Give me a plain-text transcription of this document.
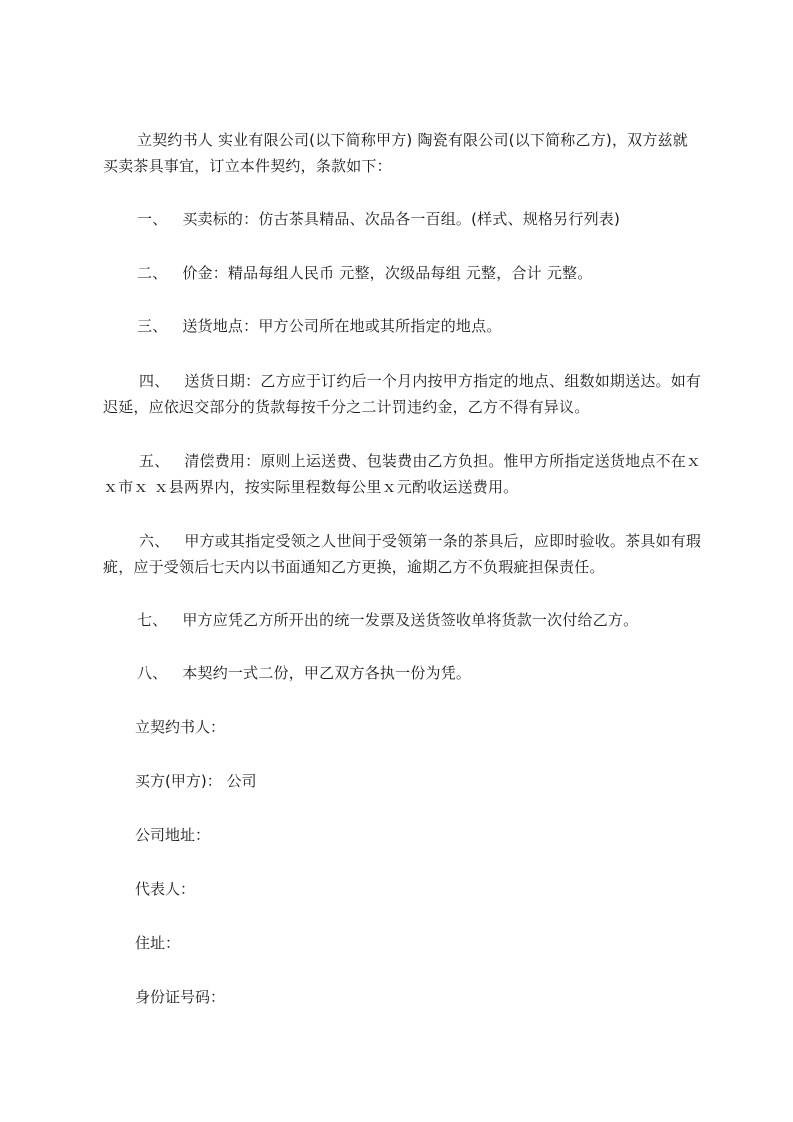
立契约书人 实业有限公司(以下简称甲方) 陶瓷有限公司(以下简称乙方)，双方兹就买卖茶具事宜，订立本件契约，条款如下：
一、 买卖标的：仿古茶具精品、次品各一百组。(样式、规格另行列表)
二、 价金：精品每组人民币 元整，次级品每组 元整，合计 元整。
三、 送货地点：甲方公司所在地或其所指定的地点。
四、 送货日期：乙方应于订约后一个月内按甲方指定的地点、组数如期送达。如有迟延，应依迟交部分的货款每按千分之二计罚违约金，乙方不得有异议。
五、 清偿费用：原则上运送费、包装费由乙方负担。惟甲方所指定送货地点不在ｘ ｘ市ｘ ｘ县两界内，按实际里程数每公里ｘ元酌收运送费用。
六、 甲方或其指定受领之人世间于受领第一条的茶具后，应即时验收。茶具如有瑕疵，应于受领后七天内以书面通知乙方更换，逾期乙方不负瑕疵担保责任。
七、 甲方应凭乙方所开出的统一发票及送货签收单将货款一次付给乙方。
八、 本契约一式二份，甲乙双方各执一份为凭。
立契约书人：
买方(甲方)： 公司
公司地址：
代表人：
住址：
身份证号码：
